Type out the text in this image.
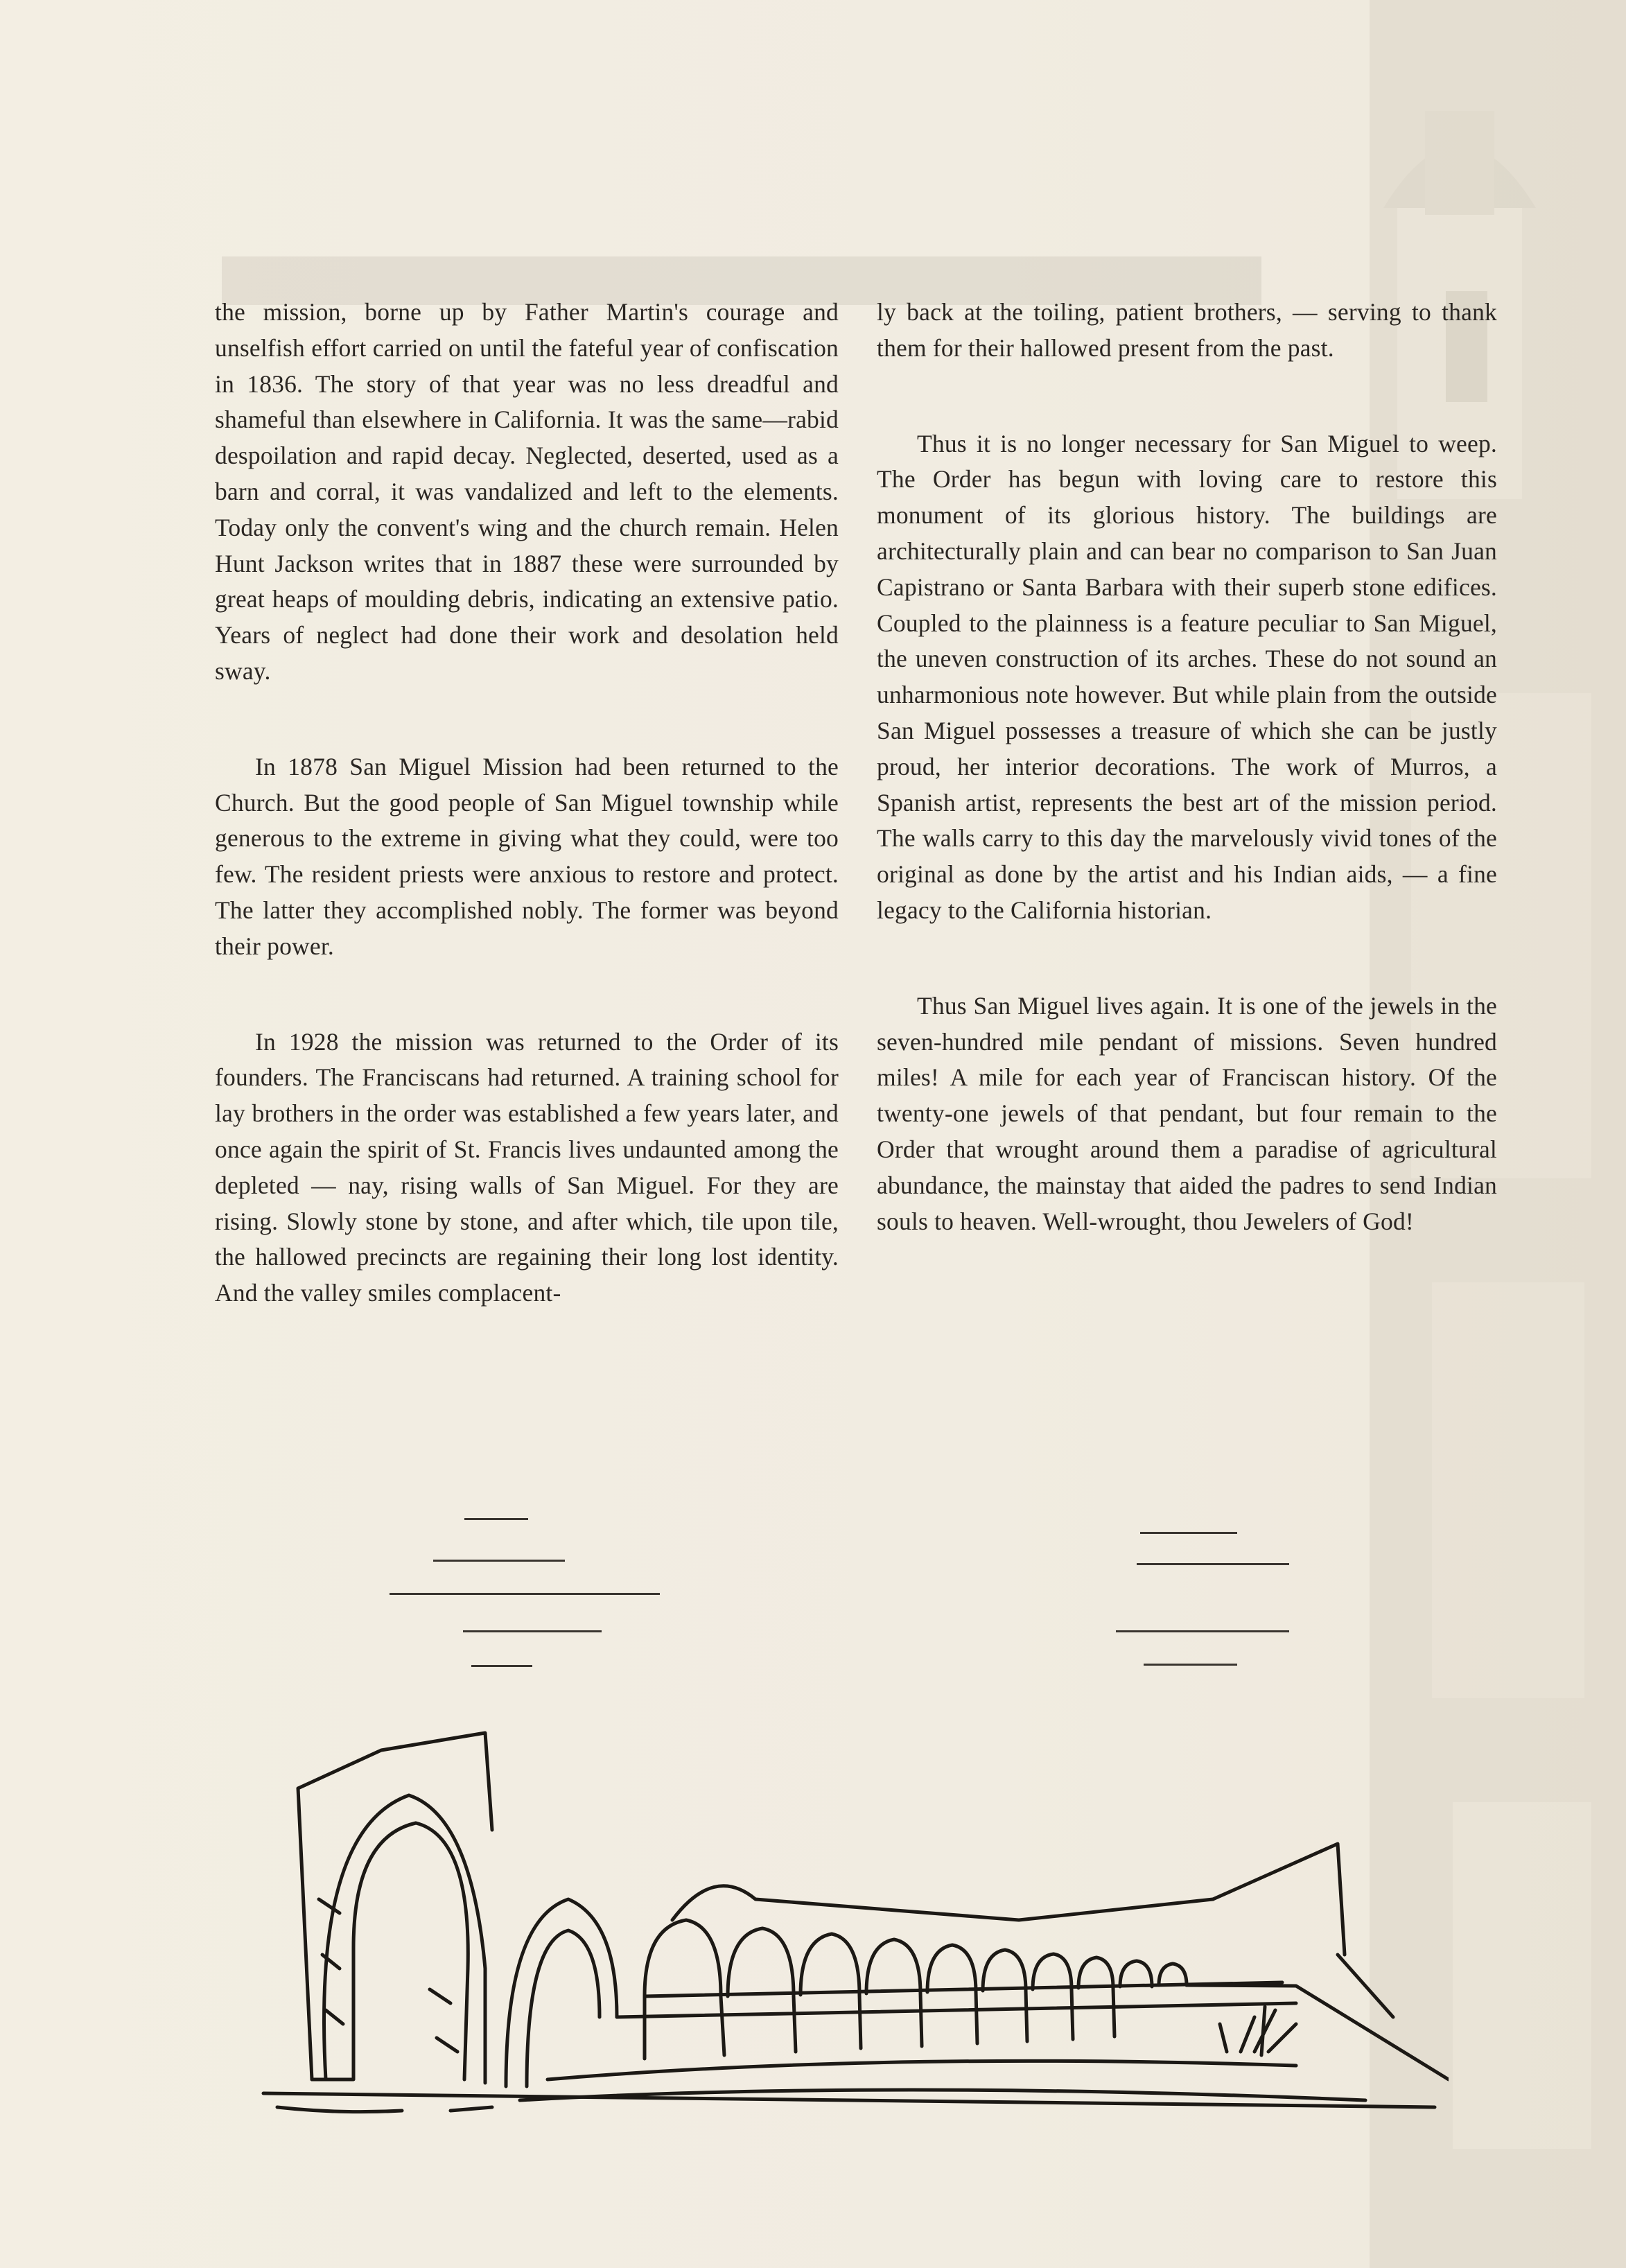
the mission, borne up by Father Martin's courage and unselfish effort carried on until the fateful year of confiscation in 1836. The story of that year was no less dreadful and shameful than elsewhere in California. It was the same—rabid despoilation and rapid decay. Neglected, deserted, used as a barn and corral, it was vandalized and left to the elements. Today only the convent's wing and the church remain. Helen Hunt Jackson writes that in 1887 these were surrounded by great heaps of moulding debris, indicating an extensive patio. Years of neglect had done their work and desolation held sway.

In 1878 San Miguel Mission had been returned to the Church. But the good people of San Miguel township while generous to the extreme in giving what they could, were too few. The resident priests were anxious to restore and protect. The latter they accomplished nobly. The former was beyond their power.

In 1928 the mission was returned to the Order of its founders. The Franciscans had returned. A training school for lay brothers in the order was established a few years later, and once again the spirit of St. Francis lives undaunted among the depleted — nay, rising walls of San Miguel. For they are rising. Slowly stone by stone, and after which, tile upon tile, the hallowed precincts are regaining their long lost identity. And the valley smiles complacent-

ly back at the toiling, patient brothers, — serving to thank them for their hallowed present from the past.

Thus it is no longer necessary for San Miguel to weep. The Order has begun with loving care to restore this monument of its glorious history. The buildings are architecturally plain and can bear no comparison to San Juan Capistrano or Santa Barbara with their superb stone edifices. Coupled to the plainness is a feature peculiar to San Miguel, the uneven construction of its arches. These do not sound an unharmonious note however. But while plain from the outside San Miguel possesses a treasure of which she can be justly proud, her interior decorations. The work of Murros, a Spanish artist, represents the best art of the mission period. The walls carry to this day the marvelously vivid tones of the original as done by the artist and his Indian aids, — a fine legacy to the California historian.

Thus San Miguel lives again. It is one of the jewels in the seven-hundred mile pendant of missions. Seven hundred miles! A mile for each year of Franciscan history. Of the twenty-one jewels of that pendant, but four remain to the Order that wrought around them a paradise of agricultural abundance, the mainstay that aided the padres to send Indian souls to heaven. Well-wrought, thou Jewelers of God!
